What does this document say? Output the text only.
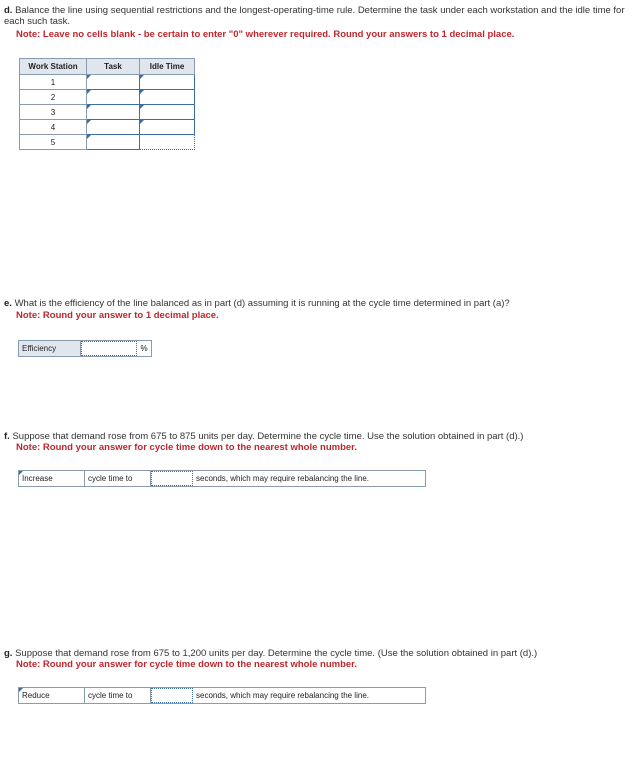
d. Balance the line using sequential restrictions and the longest-operating-time rule. Determine the task under each workstation and the idle time for each such task.
Note: Leave no cells blank - be certain to enter "0" wherever required. Round your answers to 1 decimal place.
Work Station	Task	Idle Time
1	

2	

3	

4	

5	

e. What is the efficiency of the line balanced as in part (d) assuming it is running at the cycle time determined in part (a)?
Note: Round your answer to 1 decimal place.
Efficiency	%
f. Suppose that demand rose from 675 to 875 units per day. Determine the cycle time. Use the solution obtained in part (d).)
Note: Round your answer for cycle time down to the nearest whole number.
Increase	cycle time to	seconds, which may require rebalancing the line.
g. Suppose that demand rose from 675 to 1,200 units per day. Determine the cycle time. (Use the solution obtained in part (d).)
Note: Round your answer for cycle time down to the nearest whole number.
Reduce	cycle time to	seconds, which may require rebalancing the line.
